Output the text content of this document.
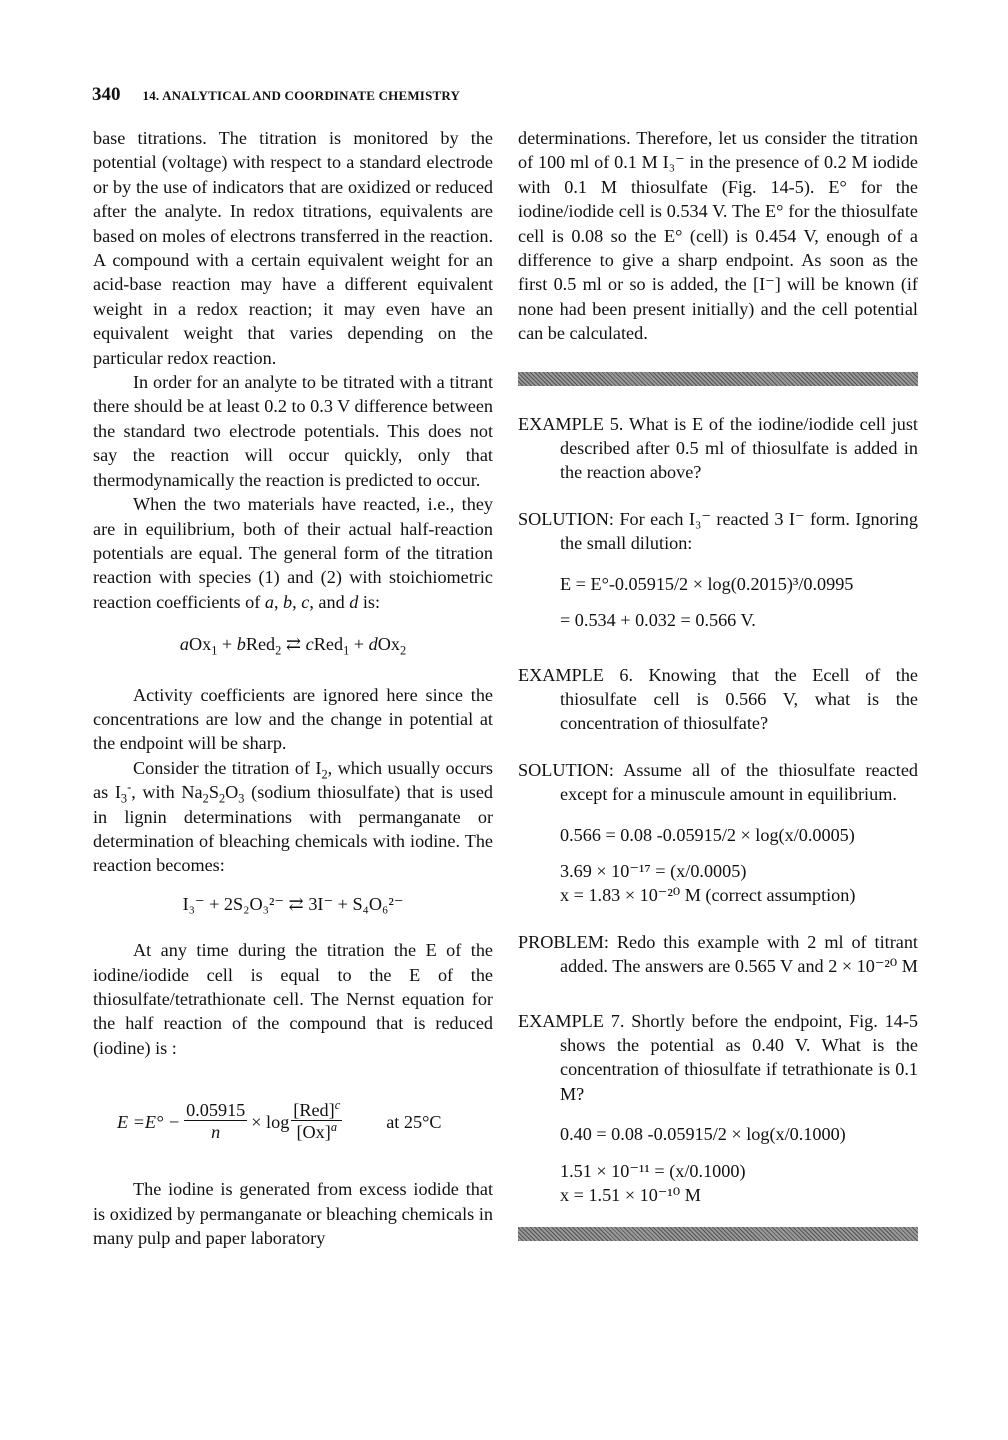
340 14. ANALYTICAL AND COORDINATE CHEMISTRY

base titrations. The titration is monitored by the potential (voltage) with respect to a standard electrode or by the use of indicators that are oxidized or reduced after the analyte. In redox titrations, equivalents are based on moles of electrons transferred in the reaction. A compound with a certain equivalent weight for an acid-base reaction may have a different equivalent weight in a redox reaction; it may even have an equivalent weight that varies depending on the particular redox reaction.

In order for an analyte to be titrated with a titrant there should be at least 0.2 to 0.3 V difference between the standard two electrode potentials. This does not say the reaction will occur quickly, only that thermodynamically the reaction is predicted to occur.

When the two materials have reacted, i.e., they are in equilibrium, both of their actual half-reaction potentials are equal. The general form of the titration reaction with species (1) and (2) with stoichiometric reaction coefficients of a, b, c, and d is:

aOx$_1$ + bRed$_2$ ⇄ cRed$_1$ + dOx$_2$

Activity coefficients are ignored here since the concentrations are low and the change in potential at the endpoint will be sharp.

Consider the titration of $I_2$, which usually occurs as $I_3^-$, with $Na_2S_2O_3$ (sodium thiosulfate) that is used in lignin determinations with permanganate or determination of bleaching chemicals with iodine. The reaction becomes:

I₃⁻ + 2S₂O₃²⁻ ⇄ 3I⁻ + S₄O₆²⁻

At any time during the titration the E of the iodine/iodide cell is equal to the E of the thiosulfate/tetrathionate cell. The Nernst equation for the half reaction of the compound that is reduced (iodine) is :

$E =E^\circ - \frac{0.05915}{n} \times \log \frac{[Red]^c}{[Ox]^a}$ at 25°C

The iodine is generated from excess iodide that is oxidized by permanganate or bleaching chemicals in many pulp and paper laboratory

determinations. Therefore, let us consider the titration of 100 ml of 0.1 M I₃⁻ in the presence of 0.2 M iodide with 0.1 M thiosulfate (Fig. 14-5). E° for the iodine/iodide cell is 0.534 V. The E° for the thiosulfate cell is 0.08 so the E° (cell) is 0.454 V, enough of a difference to give a sharp endpoint. As soon as the first 0.5 ml or so is added, the [I⁻] will be known (if none had been present initially) and the cell potential can be calculated.

EXAMPLE 5. What is E of the iodine/iodide cell just described after 0.5 ml of thiosulfate is added in the reaction above?

SOLUTION: For each I₃⁻ reacted 3 I⁻ form. Ignoring the small dilution:

E = E°-0.05915/2 × log(0.2015)³/0.0995

= 0.534 + 0.032 = 0.566 V.

EXAMPLE 6. Knowing that the Ecell of the thiosulfate cell is 0.566 V, what is the concentration of thiosulfate?

SOLUTION: Assume all of the thiosulfate reacted except for a minuscule amount in equilibrium.

0.566 = 0.08 -0.05915/2 × log(x/0.0005)

3.69 × 10⁻¹⁷ = (x/0.0005)

x = 1.83 × 10⁻²⁰ M (correct assumption)

PROBLEM: Redo this example with 2 ml of titrant added. The answers are 0.565 V and 2 × 10⁻²⁰ M

EXAMPLE 7. Shortly before the endpoint, Fig. 14-5 shows the potential as 0.40 V. What is the concentration of thiosulfate if tetrathionate is 0.1 M?

0.40 = 0.08 -0.05915/2 × log(x/0.1000)

1.51 × 10⁻¹¹ = (x/0.1000)

x = 1.51 × 10⁻¹⁰ M
